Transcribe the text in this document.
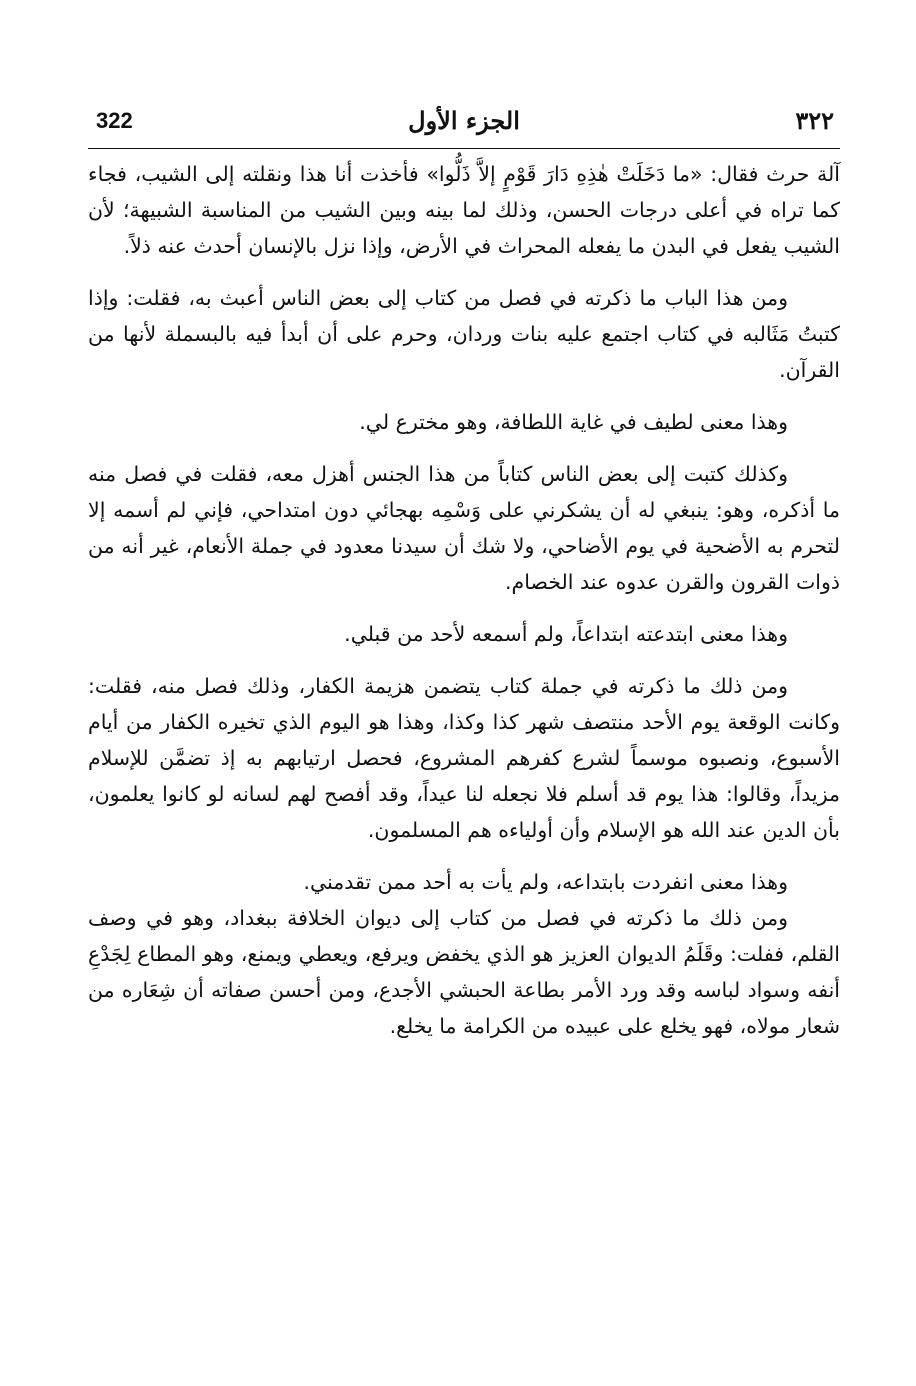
٣٢٢
الجزء الأول
322

آلة حرث فقال: «ما دَخَلَتْ هٰذِهِ دَارَ قَوْمٍ إلاَّ ذَلُّوا» فأخذت أنا هذا ونقلته إلى الشيب، فجاء كما تراه في أعلى درجات الحسن، وذلك لما بينه وبين الشيب من المناسبة الشبيهة؛ لأن الشيب يفعل في البدن ما يفعله المحراث في الأرض، وإذا نزل بالإنسان أحدث عنه ذلاً.

ومن هذا الباب ما ذكرته في فصل من كتاب إلى بعض الناس أعبث به، فقلت: وإذا كتبتُ مَثَالبه في كتاب اجتمع عليه بنات وردان، وحرم على أن أبدأ فيه بالبسملة لأنها من القرآن.

وهذا معنى لطيف في غاية اللطافة، وهو مخترع لي.

وكذلك كتبت إلى بعض الناس كتاباً من هذا الجنس أهزل معه، فقلت في فصل منه ما أذكره، وهو: ينبغي له أن يشكرني على وَسْمِه بهجائي دون امتداحي، فإني لم أسمه إلا لتحرم به الأضحية في يوم الأضاحي، ولا شك أن سيدنا معدود في جملة الأنعام، غير أنه من ذوات القرون والقرن عدوه عند الخصام.

وهذا معنى ابتدعته ابتداعاً، ولم أسمعه لأحد من قبلي.

ومن ذلك ما ذكرته في جملة كتاب يتضمن هزيمة الكفار، وذلك فصل منه، فقلت: وكانت الوقعة يوم الأحد منتصف شهر كذا وكذا، وهذا هو اليوم الذي تخيره الكفار من أيام الأسبوع، ونصبوه موسماً لشرع كفرهم المشروع، فحصل ارتيابهم به إذ تضمَّن للإسلام مزيداً، وقالوا: هذا يوم قد أسلم فلا نجعله لنا عيداً، وقد أفصح لهم لسانه لو كانوا يعلمون، بأن الدين عند الله هو الإسلام وأن أولياءه هم المسلمون.

وهذا معنى انفردت بابتداعه، ولم يأت به أحد ممن تقدمني.

ومن ذلك ما ذكرته في فصل من كتاب إلى ديوان الخلافة ببغداد، وهو في وصف القلم، ففلت: وقَلَمُ الديوان العزيز هو الذي يخفض ويرفع، ويعطي ويمنع، وهو المطاع لِجَدْعِ أنفه وسواد لباسه وقد ورد الأمر بطاعة الحبشي الأجدع، ومن أحسن صفاته أن شِعَاره من شعار مولاه، فهو يخلع على عبيده من الكرامة ما يخلع.
